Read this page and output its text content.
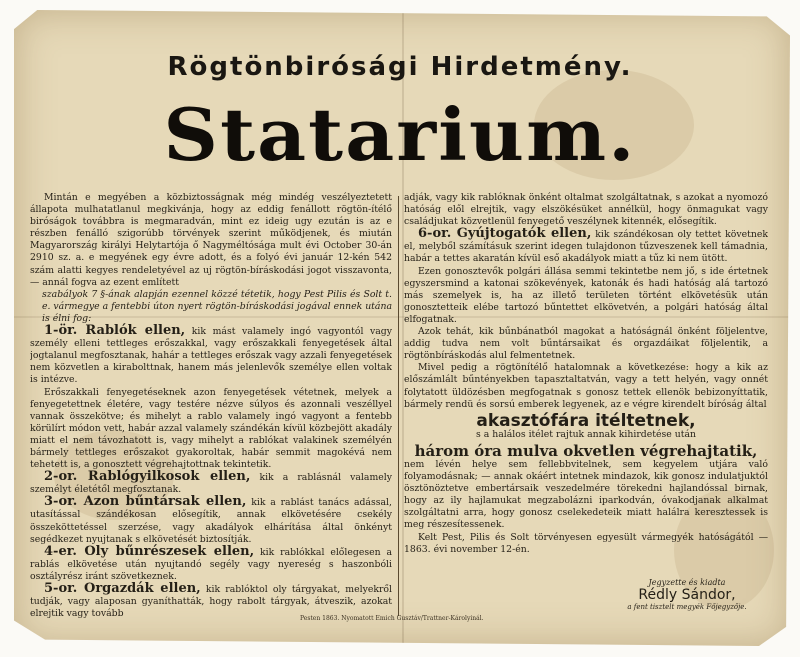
Rögtönbirósági Hirdetmény.
Statarium.

Mintán e megyében a közbiztosságnak még mindég veszélyeztetett állapota mulhatatlanul megkivánja, hogy az eddig fenállott rögtön-ítélő biróságok továbbra is megmaradván, mint ez ideig ugy ezután is az e részben fenálló szigorúbb törvények szerint működjenek, és miután Magyarország királyi Helytartója ő Nagyméltósága mult évi October 30-án 2910 sz. a. e megyének egy évre adott, és a folyó évi január 12-kén 542 szám alatti kegyes rendeletyével az uj rögtön-bíráskodási jogot visszavonta, — annál fogva az ezent említett

szabályok 7 §-ának alapján ezennel közzé tétetik, hogy Pest Pilis és Solt t. e. vármegye a fentebbi úton nyert rögtön-bíráskodási jogával ennek utána is élni fog:

1-ör. Rablók ellen, kik mást valamely ingó vagyontól vagy személy elleni tettleges erőszakkal, vagy erőszakkali fenyegetések által jogtalanul megfosztanak, hahár a tettleges erőszak vagy azzali fenyegetések nem közvetlen a kirabolttnak, hanem más jelenlevők személye ellen voltak is intézve.

Erőszakkali fenyegetéseknek azon fenyegetések vétetnek, melyek a fenyegetettnek életére, vagy testére nézve súlyos és azonnali veszéllyel vannak összekötve; és mihelyt a rablo valamely ingó vagyont a fentebb körülírt módon vett, habár azzal valamely szándékán kívül közbejött akadály miatt el nem távozhatott is, vagy mihelyt a rablókat valakinek személyén bármely tettleges erőszakot gyakoroltak, habár semmit magokévá nem tehetett is, a gonosztett végrehajtottnak tekintetik.

2-or. Rablógyilkosok ellen, kik a rablásnál valamely személyt életétől megfosztanak.

3-or. Azon bűntársak ellen, kik a rablást tanács adással, utasítással szándékosan elősegítik, annak elkövetésére csekély összeköttetéssel szerzése, vagy akadályok elhárítása által önkényt segédkezet nyujtanak s elkövetését biztosítják.

4-er. Oly bűnrészesek ellen, kik rablókkal előlegesen a rablás elkövetése után nyujtandó segély vagy nyereség s haszonbóli osztályrész iránt szövetkeznek.

5-or. Orgazdák ellen, kik rablóktol oly tárgyakat, melyekről tudják, vagy alaposan gyaníthatták, hogy rabolt tárgyak, átveszik, azokat elrejtik vagy tovább

adják, vagy kik rablóknak önként oltalmat szolgáltatnak, s azokat a nyomozó hatóság elől elrejtik, vagy elszökésüket annélkül, hogy önmagukat vagy családjukat közvetlenül fenyegető veszélynek kitennék, elősegítik.

6-or. Gyújtogatók ellen, kik szándékosan oly tettet követnek el, melyből számításuk szerint idegen tulajdonon tűzveszenek kell támadnia, habár a tettes akaratán kívül eső akadályok miatt a tűz ki nem ütött.

Ezen gonosztevők polgári állása semmi tekintetbe nem jő, s ide értetnek egyszersmind a katonai szökevények, katonák és hadi hatóság alá tartozó más szemelyek is, ha az illető területen történt elkövetésük után gonosztetteik elébe tartozó bűntettet elkövetvén, a polgári hatóság által elfogatnak.

Azok tehát, kik bűnbánatból magokat a hatóságnál önként följelentve, addig tudva nem volt bűntársaikat és orgazdáikat följelentik, a rögtönbíráskodás alul felmentetnek.

Mivel pedig a rögtönítélő hatalomnak a következése: hogy a kik az előszámlált bűntényekben tapasztaltatván, vagy a tett helyén, vagy onnét folytatott üldözésben megfogatnak s gonosz tettek ellenök bebizonyíttatik, bármely rendü és sorsú emberek legyenek, az e végre kirendelt bíróság által

akasztófára itéltetnek,

s a halálos itélet rajtuk annak kihirdetése után

három óra mulva okvetlen végrehajtatik,

nem lévén helye sem fellebbvitelnek, sem kegyelem utjára való folyamodásnak; — annak okáért intetnek mindazok, kik gonosz indulatjuktól ösztönöztetve embertársaik veszedelmére törekedni hajlandóssal birnak, hogy az ily hajlamukat megzabolázni iparkodván, óvakodjanak alkalmat szolgáltatni arra, hogy gonosz cselekedeteik miatt halálra keresztessek is meg részesítessenek.

Kelt Pest, Pilis és Solt törvényesen egyesült vármegyék hatóságától — 1863. évi november 12-én.

Jegyzette és kiadta
Rédly Sándor,
a fent tisztelt megyék Főjegyzője.
Pesten 1863. Nyomatott Emich Gusztáv/Trattner-Károlyinál.
